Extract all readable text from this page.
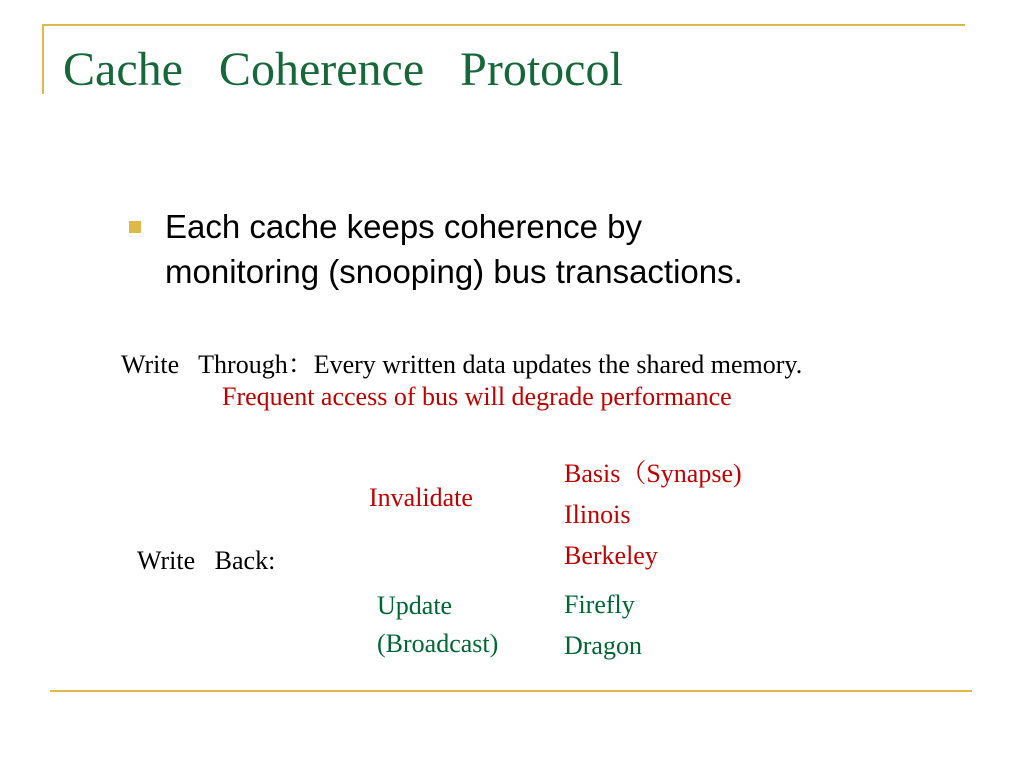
Cache   Coherence   Protocol
Each cache keeps coherence by
monitoring (snooping) bus transactions.
Write   Through：Every written data updates the shared memory.
Frequent access of bus will degrade performance
Write   Back:
Invalidate
Update
(Broadcast)
Basis（Synapse)
Ilinois
Berkeley
Firefly
Dragon
